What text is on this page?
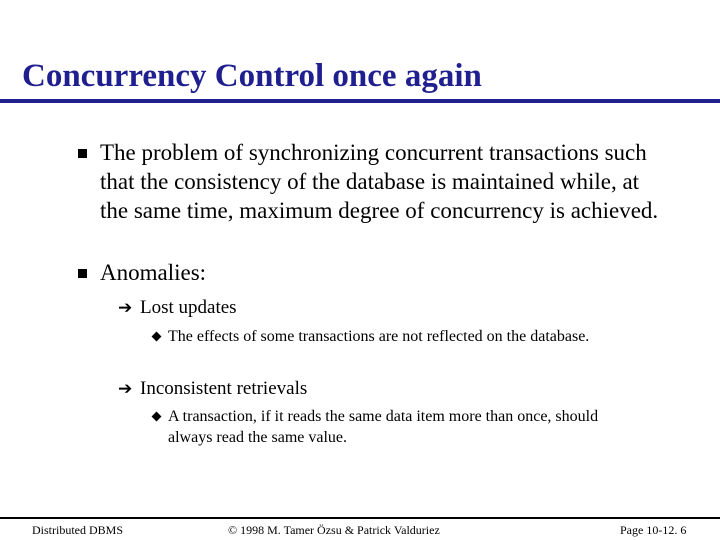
Concurrency Control once again
The problem of synchronizing concurrent transactions such that the consistency of the database is maintained while, at the same time, maximum degree of concurrency is achieved.
Anomalies:
➔ Lost updates
The effects of some transactions are not reflected on the database.
➔ Inconsistent retrievals
A transaction, if it reads the same data item more than once, should always read the same value.
Distributed DBMS	© 1998 M. Tamer Özsu & Patrick Valduriez	Page 10-12. 6
